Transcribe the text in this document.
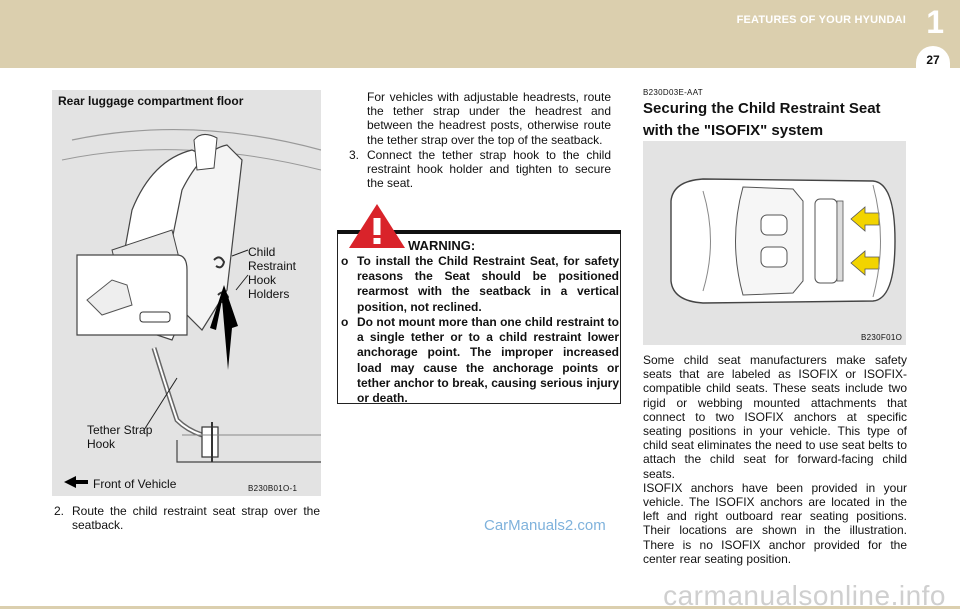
FEATURES OF YOUR HYUNDAI 1
27
Rear luggage compartment floor
Child
Restraint
Hook
Holders
Tether Strap
Hook
B230B01O-1
Front of Vehicle
2. Route the child restraint seat strap over the seatback.
For vehicles with adjustable headrests, route the tether strap under the headrest and between the headrest posts, otherwise route the tether strap over the top of the seatback.
3. Connect the tether strap hook to the child restraint hook holder and tighten to secure the seat.
WARNING:
o To install the Child Restraint Seat, for safety reasons the Seat should be positioned rearmost with the seatback in a vertical position, not reclined.
o Do not mount more than one child restraint to a single tether or to a child restraint lower anchorage point. The improper increased load may cause the anchorage points or tether anchor to break, causing serious injury or death.
CarManuals2.com
B230D03E-AAT
Securing the Child Restraint Seat with the "ISOFIX" system
B230F01O
Some child seat manufacturers make safety seats that are labeled as ISOFIX or ISOFIX-compatible child seats. These seats include two rigid or webbing mounted attachments that connect to two ISOFIX anchors at specific seating positions in your vehicle. This type of child seat eliminates the need to use seat belts to attach the child seat for forward-facing child seats.
ISOFIX anchors have been provided in your vehicle. The ISOFIX anchors are located in the left and right outboard rear seating positions. Their locations are shown in the illustration. There is no ISOFIX anchor provided for the center rear seating position.
carmanualsonline.info
